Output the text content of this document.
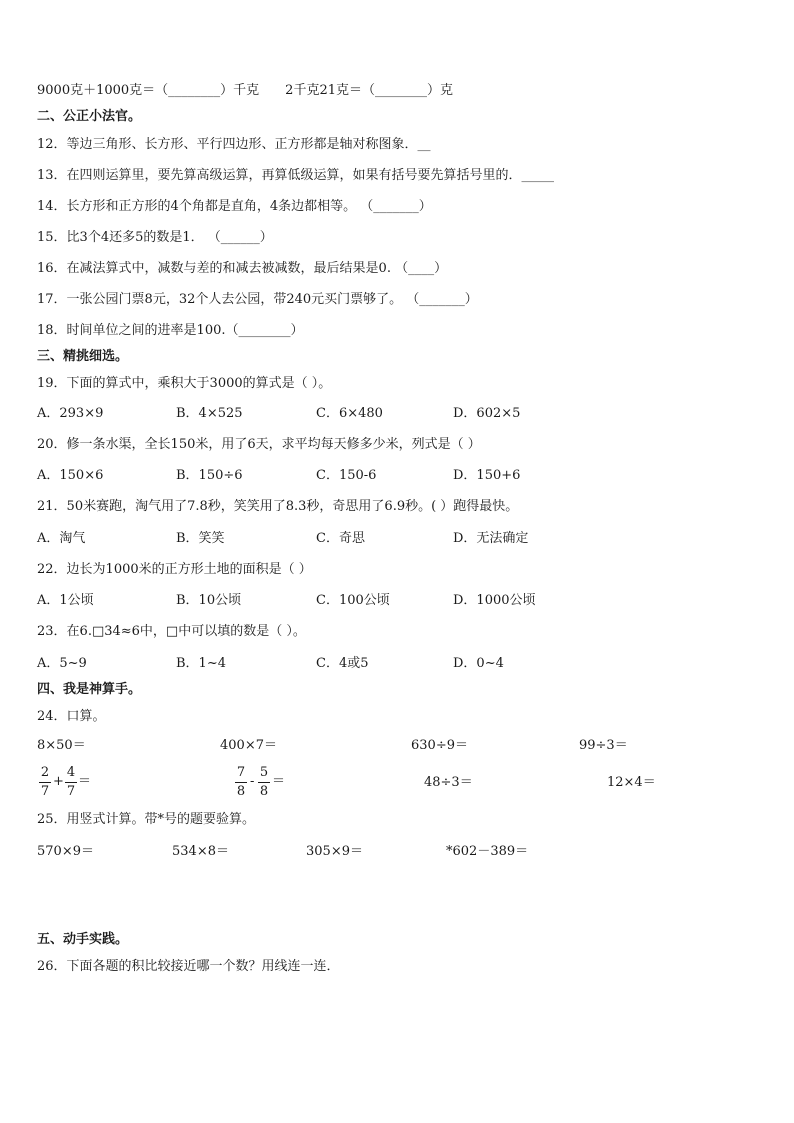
9000克＋1000克＝（________）千克　　2千克21克＝（________）克
二、公正小法官。
12．等边三角形、长方形、平行四边形、正方形都是轴对称图象．__
13．在四则运算里，要先算高级运算，再算低级运算，如果有括号要先算括号里的．_____
14．长方形和正方形的4个角都是直角，4条边都相等。 （_______）
15．比3个4还多5的数是1． （______）
16．在减法算式中，减数与差的和减去被减数，最后结果是0. （____）
17．一张公园门票8元，32个人去公园，带240元买门票够了。 （_______）
18．时间单位之间的进率是100.（________）
三、精挑细选。
19．下面的算式中，乘积大于3000的算式是（ ）。
A．293×9	B．4×525	C．6×480	D．602×5
20．修一条水渠，全长150米，用了6天，求平均每天修多少米，列式是（ ）
A．150×6	B．150÷6	C．150-6	D．150+6
21．50米赛跑，淘气用了7.8秒，笑笑用了8.3秒，奇思用了6.9秒。( ）跑得最快。
A．淘气	B．笑笑	C．奇思	D．无法确定
22．边长为1000米的正方形土地的面积是（ ）
A．1公顷	B．10公顷	C．100公顷	D．1000公顷
23．在6.□34≈6中，□中可以填的数是（ ）。
A．5~9	B．1~4	C．4或5	D．0~4
四、我是神算手。
24．口算。
8×50＝	400×7＝	630÷9＝	99÷3＝
$\frac{2}{7} + \frac{4}{7}$ ＝	$\frac{7}{8} - \frac{5}{8}$ ＝	48÷3＝	12×4＝
25．用竖式计算。带*号的题要验算。
570×9＝	534×8＝	305×9＝	*602－389＝
五、动手实践。
26．下面各题的积比较接近哪一个数？用线连一连．
